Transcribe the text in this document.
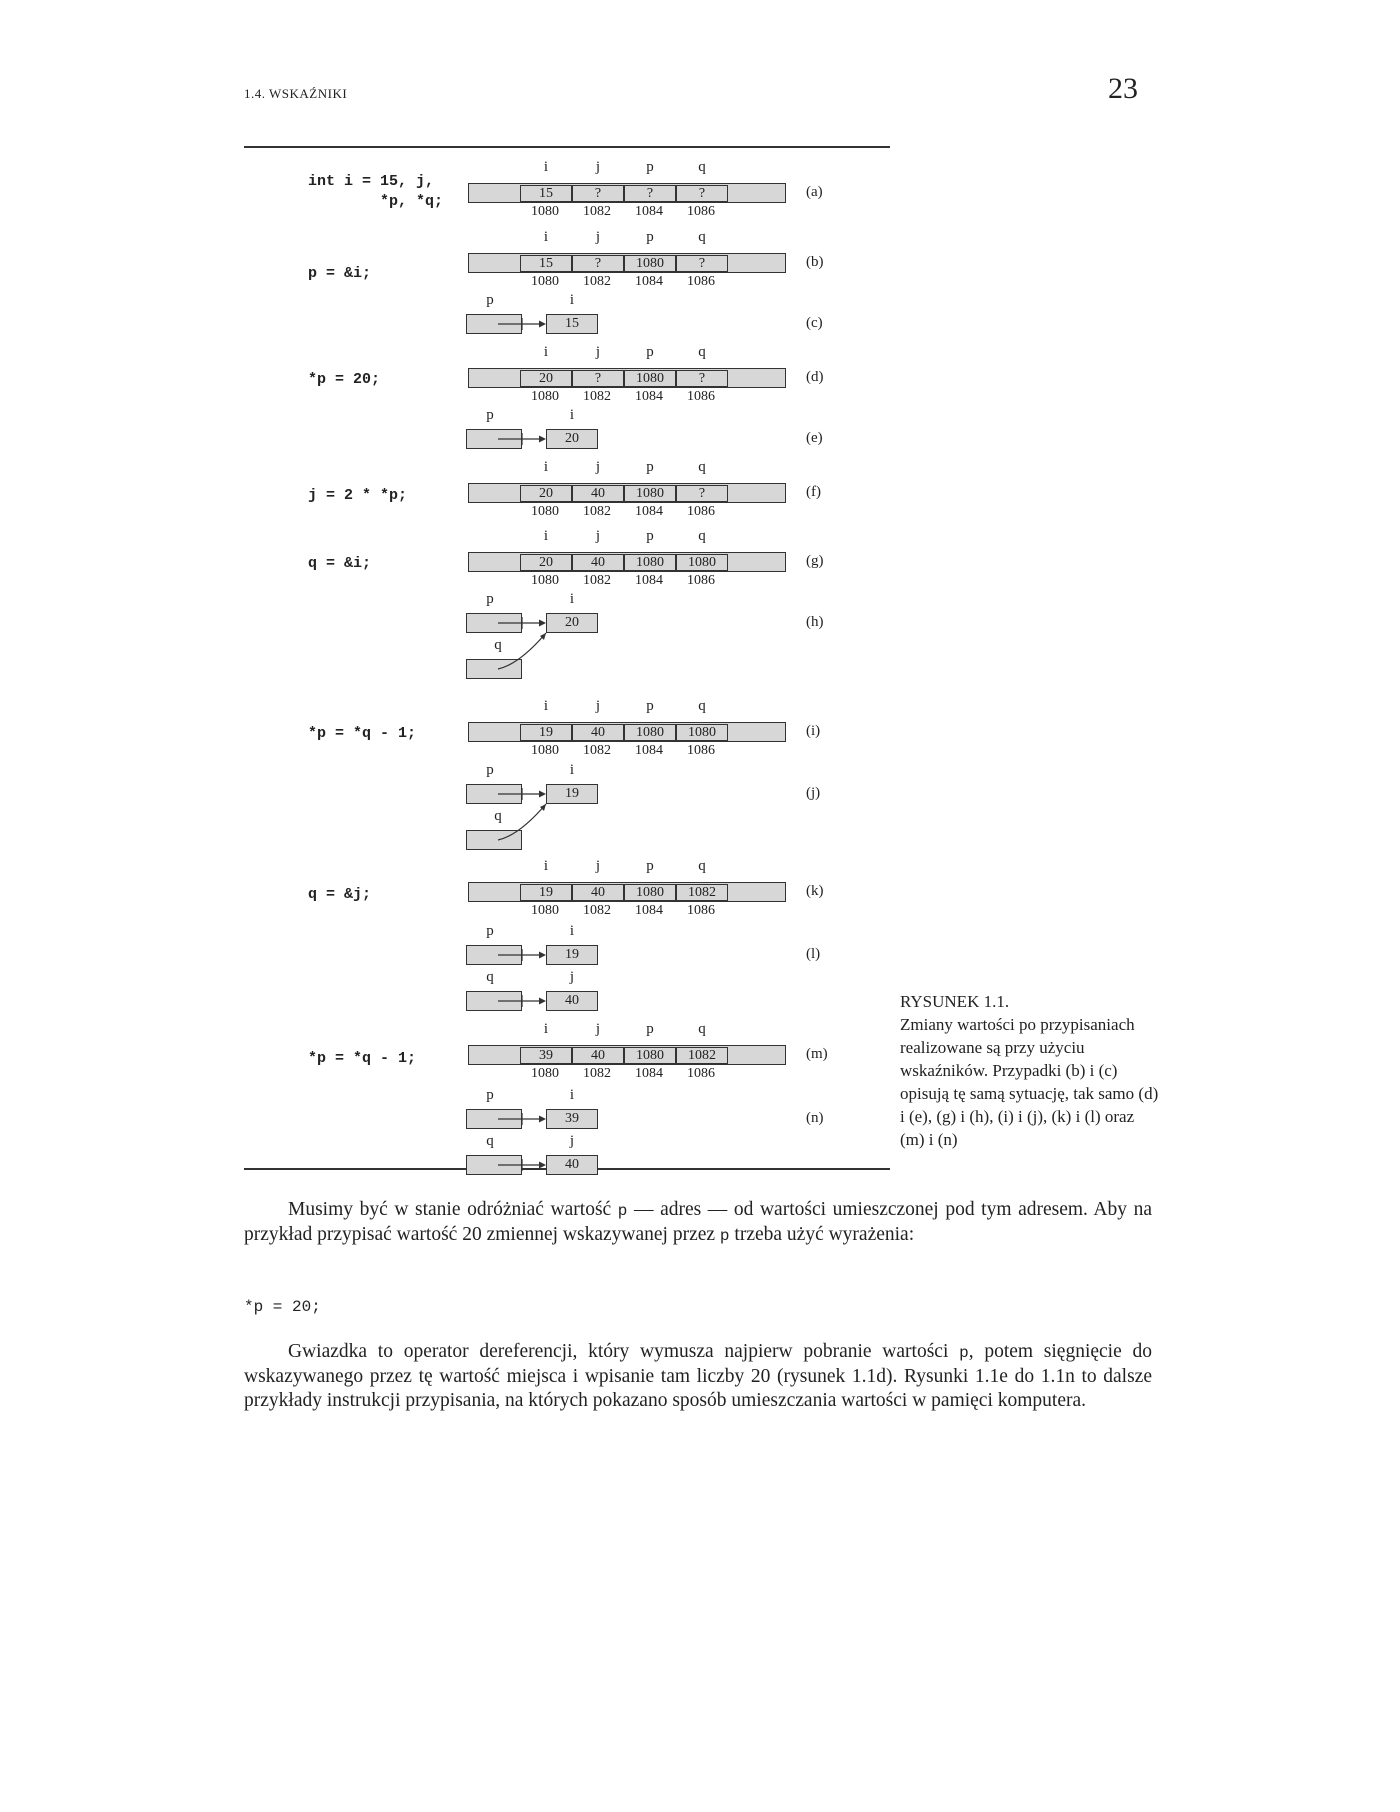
1.4. WSKAŹNIKI	23
int i = 15, j,
*p, *q;
p = &i;
*p = 20;
j = 2 * *p;
q = &i;
*p = *q - 1;
q = &j;
*p = *q - 1;
i	j	p	q
15	?	?	?
1080	1082	1084	1086
(a)
i	j	p	q
15	?	1080	?
1080	1082	1084	1086
(b)
i	j	p	q
20	?	1080	?
1080	1082	1084	1086
(d)
i	j	p	q
20	40	1080	?
1080	1082	1084	1086
(f)
i	j	p	q
20	40	1080	1080
1080	1082	1084	1086
(g)
i	j	p	q
19	40	1080	1080
1080	1082	1084	1086
(i)
i	j	p	q
19	40	1080	1082
1080	1082	1084	1086
(k)
i	j	p	q
39	40	1080	1082
1080	1082	1084	1086
(m)
p	i
15	(c)
p	i
20	(e)
p	i
20	(h)
q
p	i
19	(j)
q
p	i
19	(l)
q	j
40
p	i
39	(n)
q	j
40
RYSUNEK 1.1.
Zmiany wartości po przypisaniach realizowane są przy użyciu wskaźników. Przypadki (b) i (c) opisują tę samą sytuację, tak samo (d) i (e), (g) i (h), (i) i (j), (k) i (l) oraz (m) i (n)
Musimy być w stanie odróżniać wartość p — adres — od wartości umieszczonej pod tym adresem. Aby na przykład przypisać wartość 20 zmiennej wskazywanej przez p trzeba użyć wyrażenia:
*p = 20;
Gwiazdka to operator dereferencji, który wymusza najpierw pobranie wartości p, potem sięgnięcie do wskazywanego przez tę wartość miejsca i wpisanie tam liczby 20 (rysunek 1.1d). Rysunki 1.1e do 1.1n to dalsze przykłady instrukcji przypisania, na których pokazano sposób umieszczania wartości w pamięci komputera.
